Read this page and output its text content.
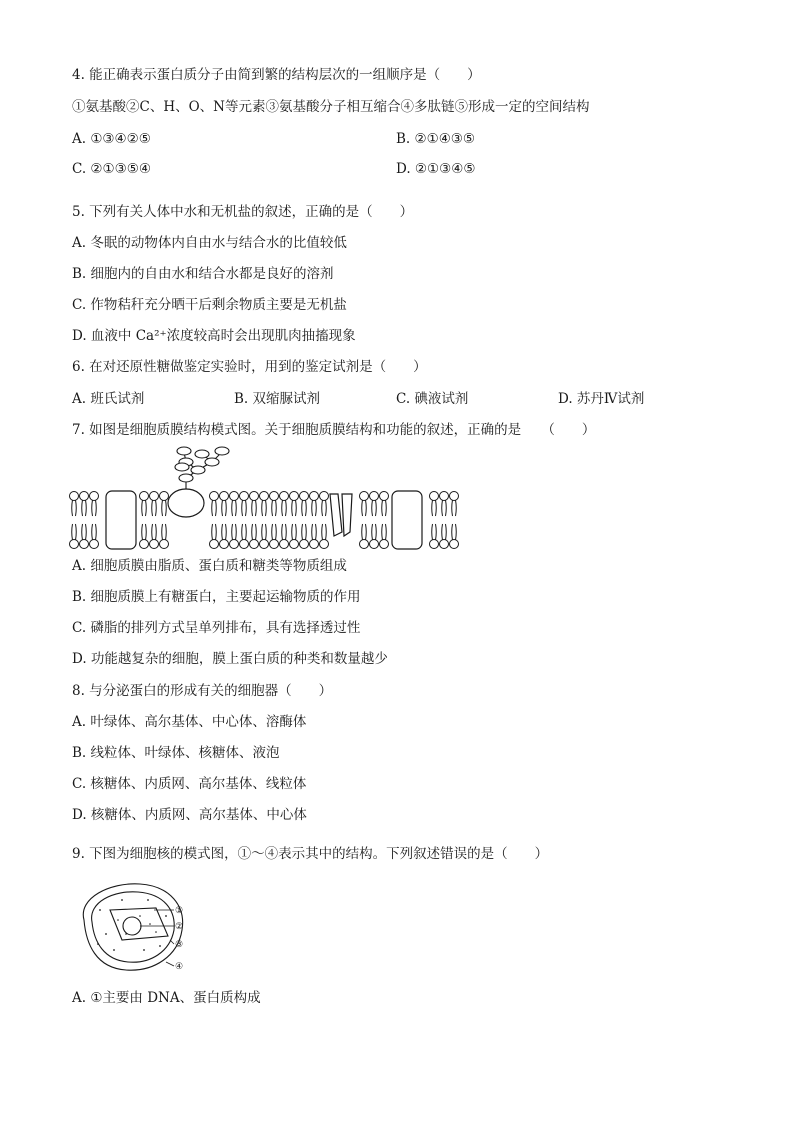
4. 能正确表示蛋白质分子由简到繁的结构层次的一组顺序是（　　）
①氨基酸②C、H、O、N等元素③氨基酸分子相互缩合④多肽链⑤形成一定的空间结构
A. ①③④②⑤	B. ②①④③⑤
C. ②①③⑤④	D. ②①③④⑤
5. 下列有关人体中水和无机盐的叙述，正确的是（　　）
A. 冬眠的动物体内自由水与结合水的比值较低
B. 细胞内的自由水和结合水都是良好的溶剂
C. 作物秸秆充分晒干后剩余物质主要是无机盐
D. 血液中 Ca²⁺浓度较高时会出现肌肉抽搐现象
6. 在对还原性糖做鉴定实验时，用到的鉴定试剂是（　　）
A. 班氏试剂	B. 双缩脲试剂	C. 碘液试剂	D. 苏丹Ⅳ试剂
7. 如图是细胞质膜结构模式图。关于细胞质膜结构和功能的叙述，正确的是　　（　　）
A. 细胞质膜由脂质、蛋白质和糖类等物质组成
B. 细胞质膜上有糖蛋白，主要起运输物质的作用
C. 磷脂的排列方式呈单列排布，具有选择透过性
D. 功能越复杂的细胞，膜上蛋白质的种类和数量越少
8. 与分泌蛋白的形成有关的细胞器（　　）
A. 叶绿体、高尔基体、中心体、溶酶体
B. 线粒体、叶绿体、核糖体、液泡
C. 核糖体、内质网、高尔基体、线粒体
D. 核糖体、内质网、高尔基体、中心体
9. 下图为细胞核的模式图，①～④表示其中的结构。下列叙述错误的是（　　）
①
②
③
④
A. ①主要由 DNA、蛋白质构成
